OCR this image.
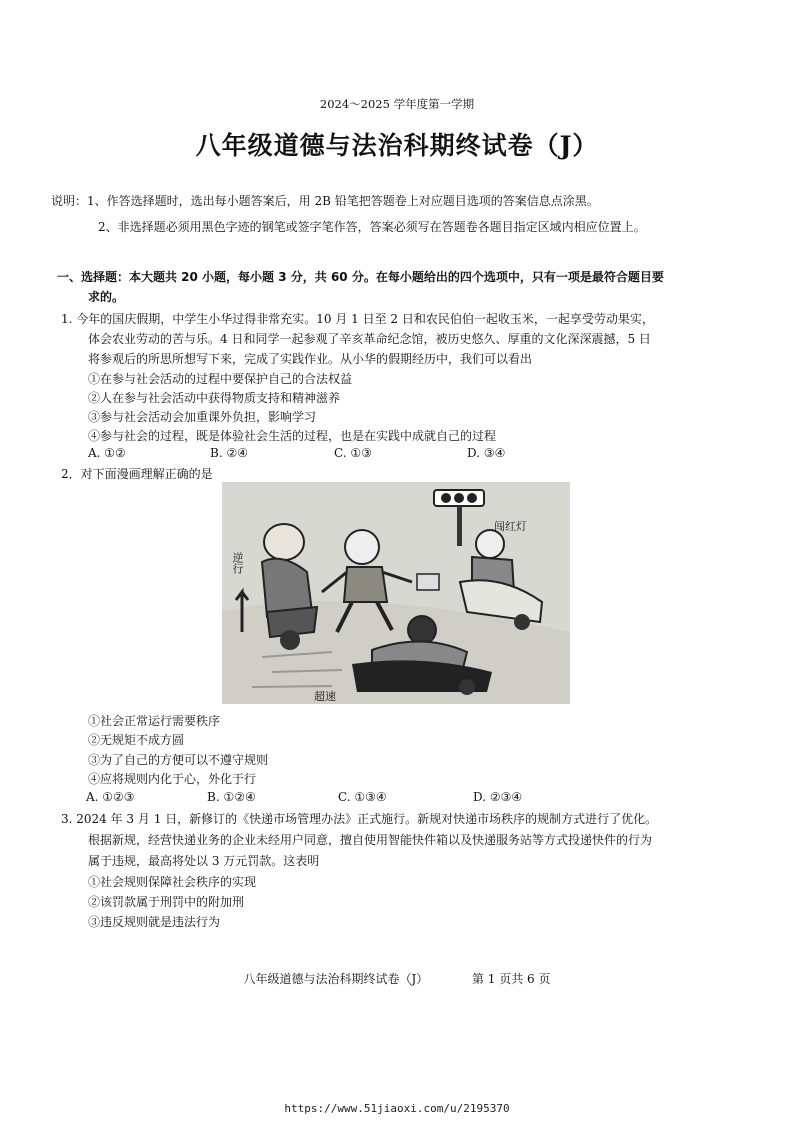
2024～2025 学年度第一学期
八年级道德与法治科期终试卷（J）
说明：1、作答选择题时，选出每小题答案后，用 2B 铅笔把答题卷上对应题目选项的答案信息点涂黑。
2、非选择题必须用黑色字迹的钢笔或签字笔作答，答案必须写在答题卷各题目指定区域内相应位置上。
一、选择题：本大题共 20 小题，每小题 3 分，共 60 分。在每小题给出的四个选项中，只有一项是最符合题目要
求的。
1. 今年的国庆假期，中学生小华过得非常充实。10 月 1 日至 2 日和农民伯伯一起收玉米，一起享受劳动果实，
体会农业劳动的苦与乐。4 日和同学一起参观了辛亥革命纪念馆，被历史悠久、厚重的文化深深震撼，5 日
将参观后的所思所想写下来，完成了实践作业。从小华的假期经历中，我们可以看出
①在参与社会活动的过程中要保护自己的合法权益
②人在参与社会活动中获得物质支持和精神滋养
③参与社会活动会加重课外负担，影响学习
④参与社会的过程，既是体验社会生活的过程，也是在实践中成就自己的过程
A. ①②	B. ②④	C. ①③	D. ③④
2．对下面漫画理解正确的是
逆行
闯红灯
超速
①社会正常运行需要秩序
②无规矩不成方圆
③为了自己的方便可以不遵守规则
④应将规则内化于心，外化于行
A. ①②③	B. ①②④	C. ①③④	D. ②③④
3. 2024 年 3 月 1 日，新修订的《快递市场管理办法》正式施行。新规对快递市场秩序的规制方式进行了优化。
根据新规，经营快递业务的企业未经用户同意，擅自使用智能快件箱以及快递服务站等方式投递快件的行为
属于违规，最高将处以 3 万元罚款。这表明
①社会规则保障社会秩序的实现
②该罚款属于刑罚中的附加刑
③违反规则就是违法行为
八年级道德与法治科期终试卷（J）	第 1 页共 6 页
https://www.51jiaoxi.com/u/2195370
